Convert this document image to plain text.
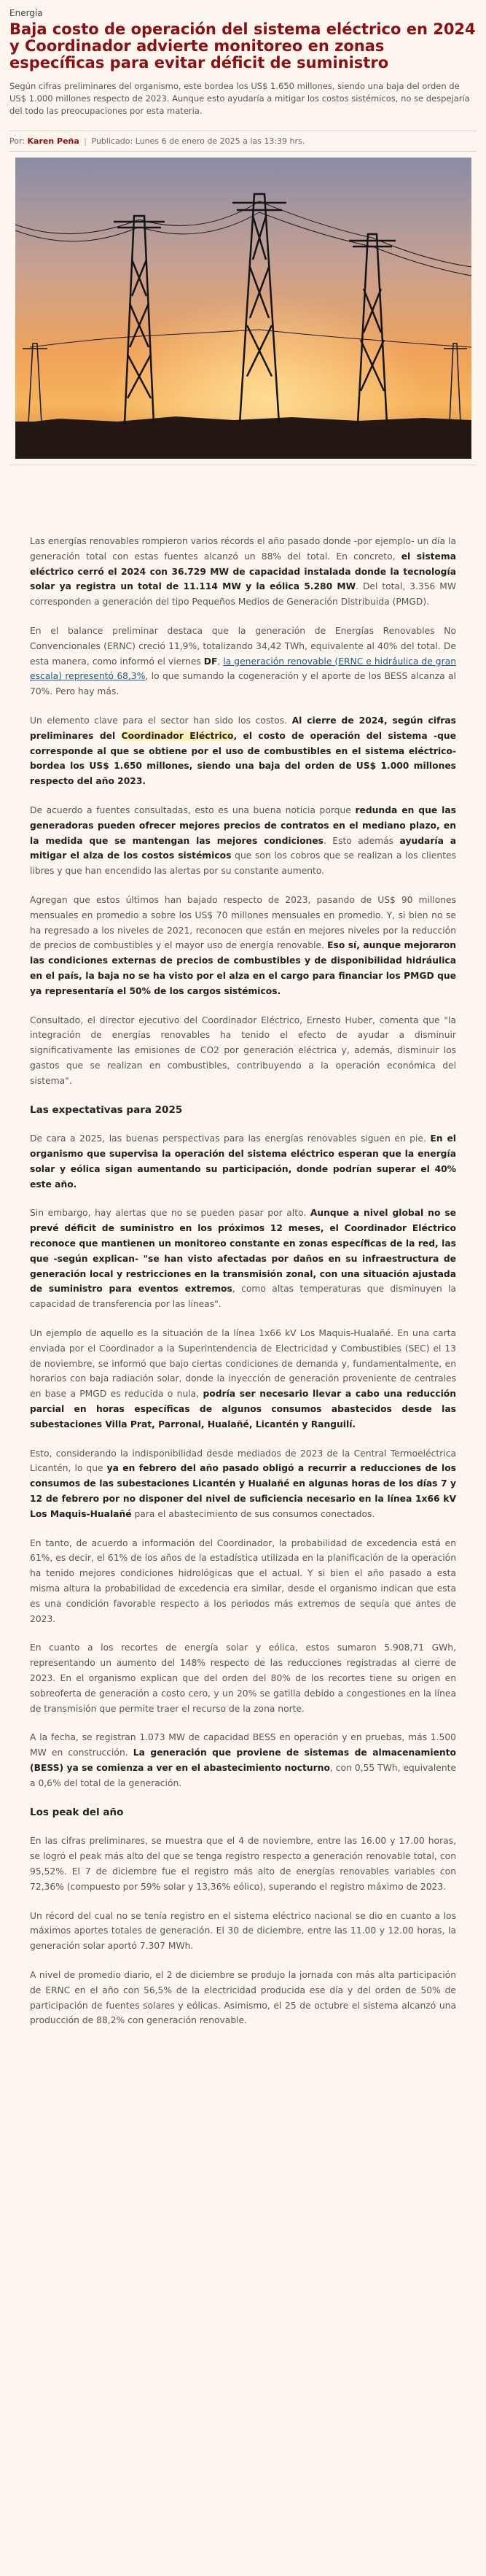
Energía
Baja costo de operación del sistema eléctrico en 2024 y Coordinador advierte monitoreo en zonas específicas para evitar déficit de suministro

Según cifras preliminares del organismo, este bordea los US$ 1.650 millones, siendo una baja del orden de US$ 1.000 millones respecto de 2023. Aunque esto ayudaría a mitigar los costos sistémicos, no se despejaría del todo las preocupaciones por esta materia.

Por: Karen Peña | Publicado: Lunes 6 de enero de 2025 a las 13:39 hrs.

Las energías renovables rompieron varios récords el año pasado donde -por ejemplo- un día la generación total con estas fuentes alcanzó un 88% del total. En concreto, el sistema eléctrico cerró el 2024 con 36.729 MW de capacidad instalada donde la tecnología solar ya registra un total de 11.114 MW y la eólica 5.280 MW. Del total, 3.356 MW corresponden a generación del tipo Pequeños Medios de Generación Distribuida (PMGD).

En el balance preliminar destaca que la generación de Energías Renovables No Convencionales (ERNC) creció 11,9%, totalizando 34,42 TWh, equivalente al 40% del total. De esta manera, como informó el viernes DF, la generación renovable (ERNC e hidráulica de gran escala) representó 68,3%, lo que sumando la cogeneración y el aporte de los BESS alcanza al 70%. Pero hay más.

Un elemento clave para el sector han sido los costos. Al cierre de 2024, según cifras preliminares del Coordinador Eléctrico, el costo de operación del sistema -que corresponde al que se obtiene por el uso de combustibles en el sistema eléctrico- bordea los US$ 1.650 millones, siendo una baja del orden de US$ 1.000 millones respecto del año 2023.

De acuerdo a fuentes consultadas, esto es una buena noticia porque redunda en que las generadoras pueden ofrecer mejores precios de contratos en el mediano plazo, en la medida que se mantengan las mejores condiciones. Esto además ayudaría a mitigar el alza de los costos sistémicos que son los cobros que se realizan a los clientes libres y que han encendido las alertas por su constante aumento.

Agregan que estos últimos han bajado respecto de 2023, pasando de US$ 90 millones mensuales en promedio a sobre los US$ 70 millones mensuales en promedio. Y, si bien no se ha regresado a los niveles de 2021, reconocen que están en mejores niveles por la reducción de precios de combustibles y el mayor uso de energía renovable. Eso sí, aunque mejoraron las condiciones externas de precios de combustibles y de disponibilidad hidráulica en el país, la baja no se ha visto por el alza en el cargo para financiar los PMGD que ya representaría el 50% de los cargos sistémicos.

Consultado, el director ejecutivo del Coordinador Eléctrico, Ernesto Huber, comenta que "la integración de energías renovables ha tenido el efecto de ayudar a disminuir significativamente las emisiones de CO2 por generación eléctrica y, además, disminuir los gastos que se realizan en combustibles, contribuyendo a la operación económica del sistema".

Las expectativas para 2025

De cara a 2025, las buenas perspectivas para las energías renovables siguen en pie. En el organismo que supervisa la operación del sistema eléctrico esperan que la energía solar y eólica sigan aumentando su participación, donde podrían superar el 40% este año.

Sin embargo, hay alertas que no se pueden pasar por alto. Aunque a nivel global no se prevé déficit de suministro en los próximos 12 meses, el Coordinador Eléctrico reconoce que mantienen un monitoreo constante en zonas específicas de la red, las que -según explican- "se han visto afectadas por daños en su infraestructura de generación local y restricciones en la transmisión zonal, con una situación ajustada de suministro para eventos extremos, como altas temperaturas que disminuyen la capacidad de transferencia por las líneas".

Un ejemplo de aquello es la situación de la línea 1x66 kV Los Maquis-Hualañé. En una carta enviada por el Coordinador a la Superintendencia de Electricidad y Combustibles (SEC) el 13 de noviembre, se informó que bajo ciertas condiciones de demanda y, fundamentalmente, en horarios con baja radiación solar, donde la inyección de generación proveniente de centrales en base a PMGD es reducida o nula, podría ser necesario llevar a cabo una reducción parcial en horas específicas de algunos consumos abastecidos desde las subestaciones Villa Prat, Parronal, Hualañé, Licantén y Ranguilí.

Esto, considerando la indisponibilidad desde mediados de 2023 de la Central Termoeléctrica Licantén, lo que ya en febrero del año pasado obligó a recurrir a reducciones de los consumos de las subestaciones Licantén y Hualañé en algunas horas de los días 7 y 12 de febrero por no disponer del nivel de suficiencia necesario en la línea 1x66 kV Los Maquis-Hualañé para el abastecimiento de sus consumos conectados.

En tanto, de acuerdo a información del Coordinador, la probabilidad de excedencia está en 61%, es decir, el 61% de los años de la estadística utilizada en la planificación de la operación ha tenido mejores condiciones hidrológicas que el actual. Y si bien el año pasado a esta misma altura la probabilidad de excedencia era similar, desde el organismo indican que esta es una condición favorable respecto a los periodos más extremos de sequía que antes de 2023.

En cuanto a los recortes de energía solar y eólica, estos sumaron 5.908,71 GWh, representando un aumento del 148% respecto de las reducciones registradas al cierre de 2023. En el organismo explican que del orden del 80% de los recortes tiene su origen en sobreoferta de generación a costo cero, y un 20% se gatilla debido a congestiones en la línea de transmisión que permite traer el recurso de la zona norte.

A la fecha, se registran 1.073 MW de capacidad BESS en operación y en pruebas, más 1.500 MW en construcción. La generación que proviene de sistemas de almacenamiento (BESS) ya se comienza a ver en el abastecimiento nocturno, con 0,55 TWh, equivalente a 0,6% del total de la generación.

Los peak del año

En las cifras preliminares, se muestra que el 4 de noviembre, entre las 16.00 y 17.00 horas, se logró el peak más alto del que se tenga registro respecto a generación renovable total, con 95,52%. El 7 de diciembre fue el registro más alto de energías renovables variables con 72,36% (compuesto por 59% solar y 13,36% eólico), superando el registro máximo de 2023.

Un récord del cual no se tenía registro en el sistema eléctrico nacional se dio en cuanto a los máximos aportes totales de generación. El 30 de diciembre, entre las 11.00 y 12.00 horas, la generación solar aportó 7.307 MWh.

A nivel de promedio diario, el 2 de diciembre se produjo la jornada con más alta participación de ERNC en el año con 56,5% de la electricidad producida ese día y del orden de 50% de participación de fuentes solares y eólicas. Asimismo, el 25 de octubre el sistema alcanzó una producción de 88,2% con generación renovable.
